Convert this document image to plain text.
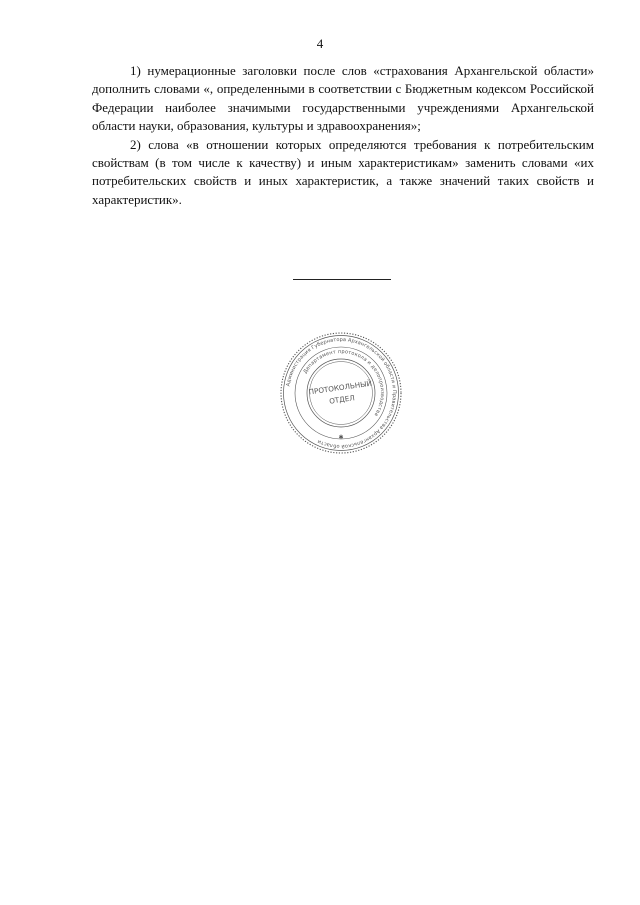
4

1) нумерационные заголовки после слов «страхования Архангельской области» дополнить словами «, определенными в соответствии с Бюджетным кодексом Российской Федерации наиболее значимыми государственными учреждениями Архангельской области науки, образования, культуры и здравоохранения»;

2) слова «в отношении которых определяются требования к потребительским свойствам (в том числе к качеству) и иным характеристикам» заменить словами «их потребительских свойств и иных характеристик, а также значений таких свойств и характеристик».

Администрация Губернатора Архангельской области и Правительства Архангельской области
Департамент протокола и делопроизводства
ПРОТОКОЛЬНЫЙ
ОТДЕЛ
✱
